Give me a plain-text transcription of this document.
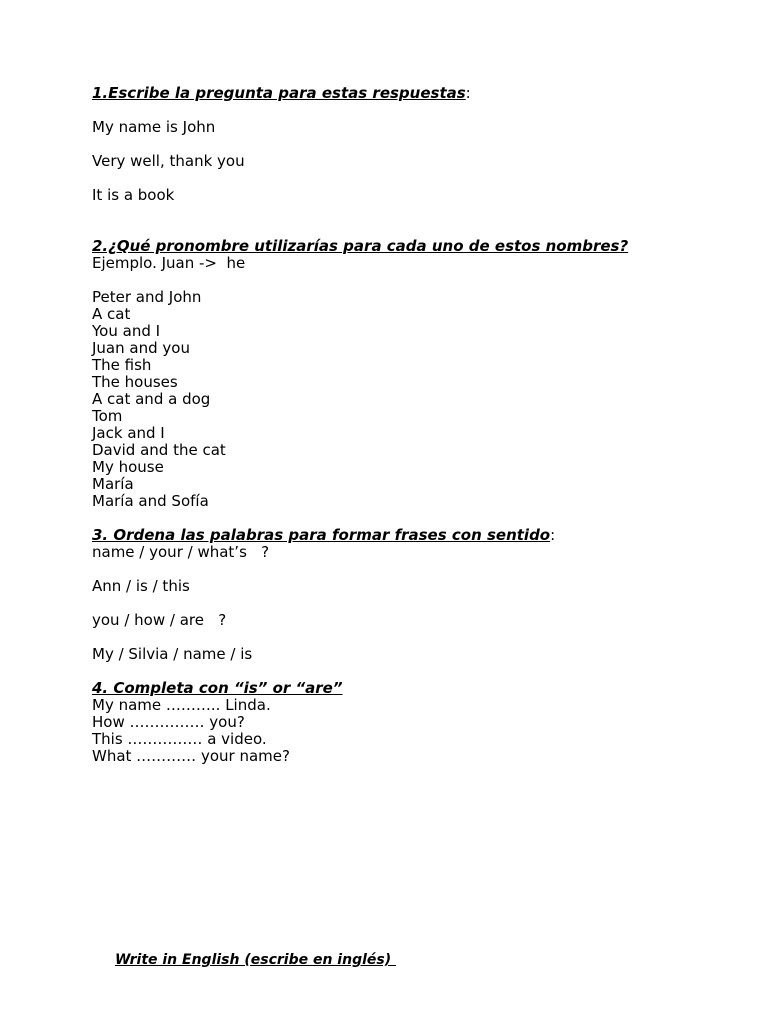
1.Escribe la pregunta para estas respuestas:
My name is John
Very well, thank you
It is a book
2.¿Qué pronombre utilizarías para cada uno de estos nombres?
Ejemplo. Juan ->  he
Peter and John
A cat
You and I
Juan and you
The fish
The houses
A cat and a dog
Tom
Jack and I
David and the cat
My house
María
María and Sofía
3. Ordena las palabras para formar frases con sentido:
name / your / what’s   ?
Ann / is / this
you / how / are   ?
My / Silvia / name / is
4. Completa con “is” or “are”
My name ……….. Linda.
How …………… you?
This …………… a video.
What ………… your name?
Write in English (escribe en inglés)
